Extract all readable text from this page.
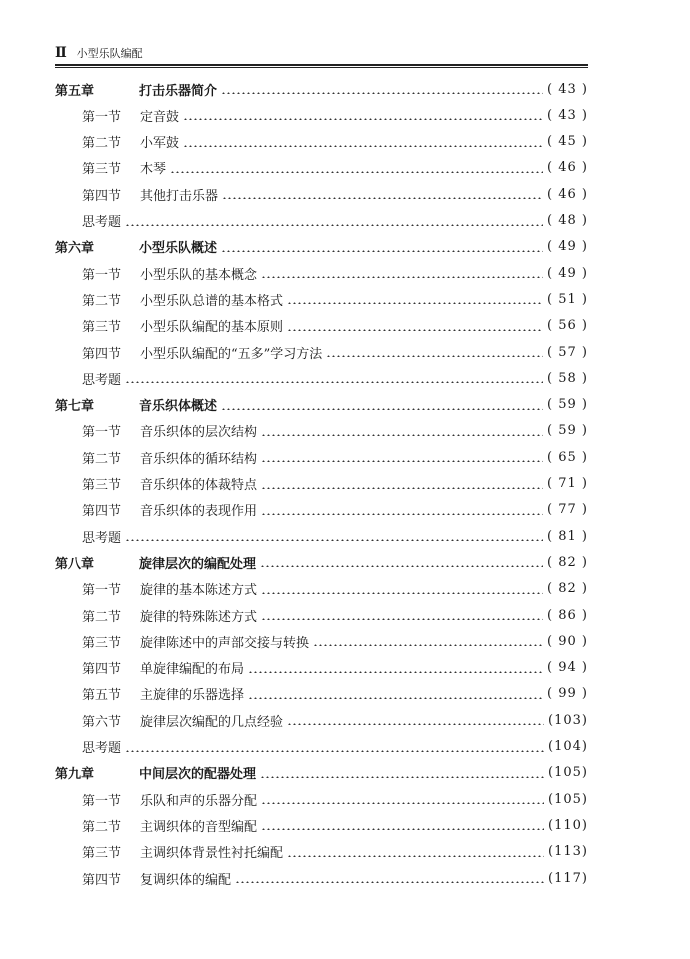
Ⅱ 小型乐队编配
第五章	打击乐器简介	( 43 )
第一节 定音鼓	( 43 )
第二节 小军鼓	( 45 )
第三节 木琴	( 46 )
第四节 其他打击乐器	( 46 )
思考题	( 48 )
第六章	小型乐队概述	( 49 )
第一节 小型乐队的基本概念	( 49 )
第二节 小型乐队总谱的基本格式	( 51 )
第三节 小型乐队编配的基本原则	( 56 )
第四节 小型乐队编配的“五多”学习方法	( 57 )
思考题	( 58 )
第七章	音乐织体概述	( 59 )
第一节 音乐织体的层次结构	( 59 )
第二节 音乐织体的循环结构	( 65 )
第三节 音乐织体的体裁特点	( 71 )
第四节 音乐织体的表现作用	( 77 )
思考题	( 81 )
第八章	旋律层次的编配处理	( 82 )
第一节 旋律的基本陈述方式	( 82 )
第二节 旋律的特殊陈述方式	( 86 )
第三节 旋律陈述中的声部交接与转换	( 90 )
第四节 单旋律编配的布局	( 94 )
第五节 主旋律的乐器选择	( 99 )
第六节 旋律层次编配的几点经验	(103)
思考题	(104)
第九章	中间层次的配器处理	(105)
第一节 乐队和声的乐器分配	(105)
第二节 主调织体的音型编配	(110)
第三节 主调织体背景性衬托编配	(113)
第四节 复调织体的编配	(117)
